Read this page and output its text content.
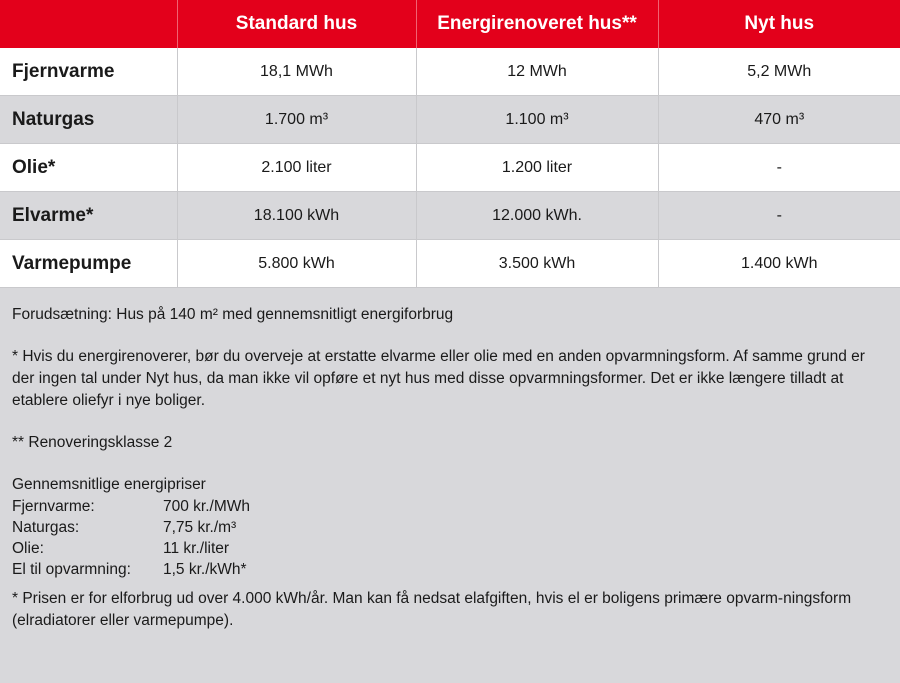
	Standard hus	Energirenoveret hus**	Nyt hus
Fjernvarme	18,1 MWh	12 MWh	5,2 MWh
Naturgas	1.700 m³	1.100 m³	470 m³
Olie*	2.100 liter	1.200 liter	-
Elvarme*	18.100 kWh	12.000 kWh.	-
Varmepumpe	5.800 kWh	3.500 kWh	1.400 kWh

Forudsætning: Hus på 140 m² med gennemsnitligt energiforbrug

* Hvis du energirenoverer, bør du overveje at erstatte elvarme eller olie med en anden opvarmningsform. Af samme grund er der ingen tal under Nyt hus, da man ikke vil opføre et nyt hus med disse opvarmningsformer. Det er ikke længere tilladt at etablere oliefyr i nye boliger.

** Renoveringsklasse 2

Gennemsnitlige energipriser

Fjernvarme:	700 kr./MWh
Naturgas:	7,75 kr./m³
Olie:	11 kr./liter
El til opvarmning:	1,5 kr./kWh*

* Prisen er for elforbrug ud over 4.000 kWh/år. Man kan få nedsat elafgiften, hvis el er boligens primære opvarm-ningsform (elradiatorer eller varmepumpe).
